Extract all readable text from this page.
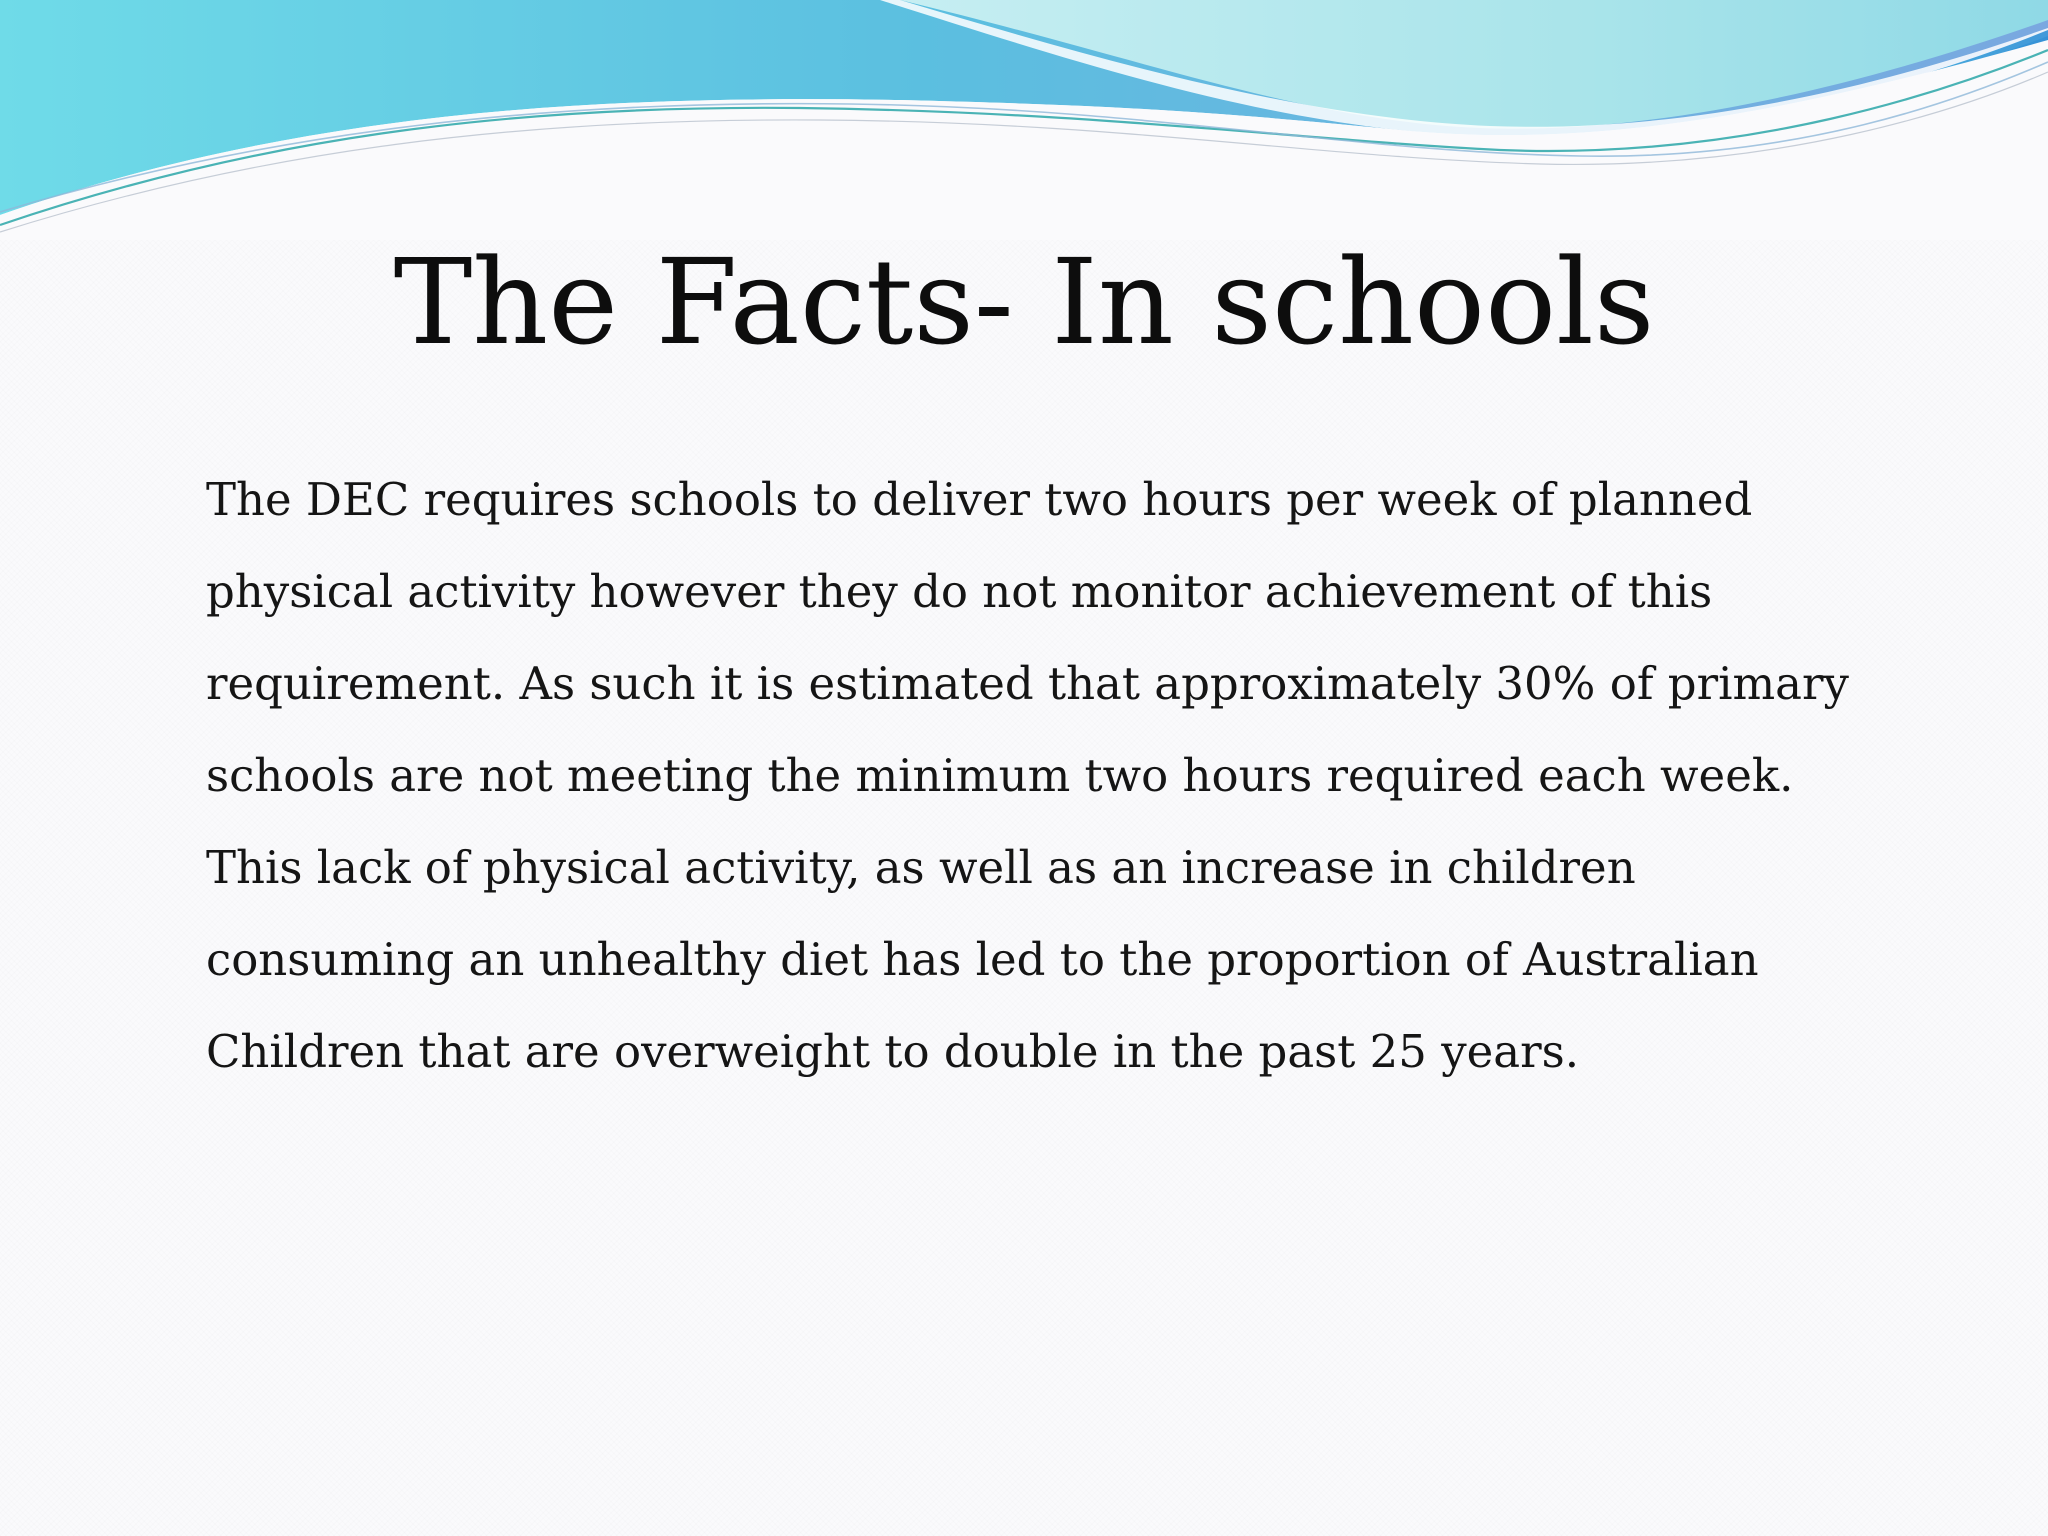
The Facts- In schools

The DEC requires schools to deliver two hours per week of planned
physical activity however they do not monitor achievement of this
requirement. As such it is estimated that approximately 30% of primary
schools are not meeting the minimum two hours required each week.
This lack of physical activity, as well as an increase in children
consuming an unhealthy diet has led to the proportion of Australian
Children that are overweight to double in the past 25 years.
